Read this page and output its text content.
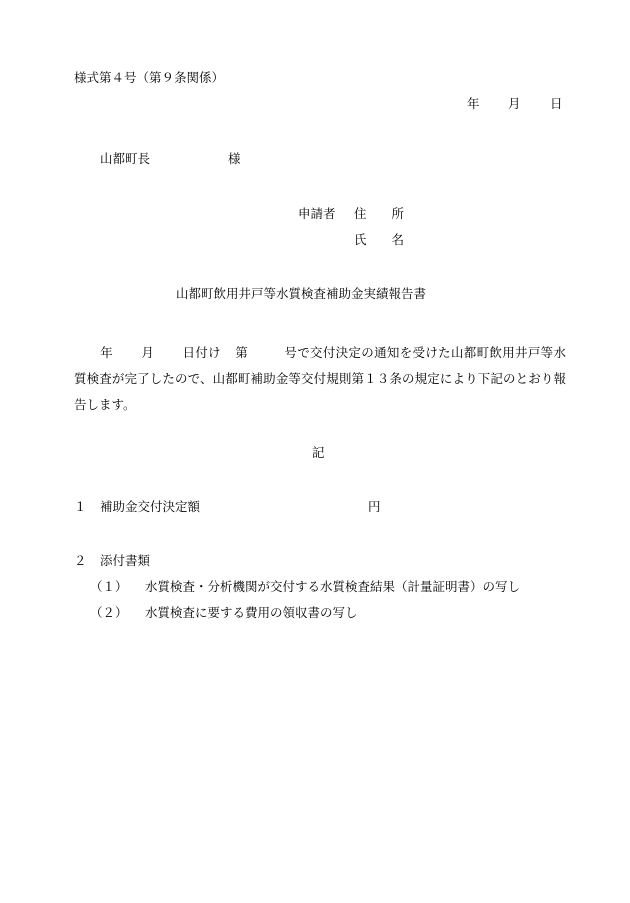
様式第４号（第９条関係）
年 月 日
山都町長	様
申請者 住　　所
氏　　名
山都町飲用井戸等水質検査補助金実績報告書
年 月 日付け 第	号で交付決定の通知を受けた山都町飲用井戸等水質検査が完了したので、山都町補助金等交付規則第１３条の規定により下記のとおり報告します。
記
１ 補助金交付決定額	円
２ 添付書類
（１） 水質検査・分析機関が交付する水質検査結果（計量証明書）の写し
（２） 水質検査に要する費用の領収書の写し
